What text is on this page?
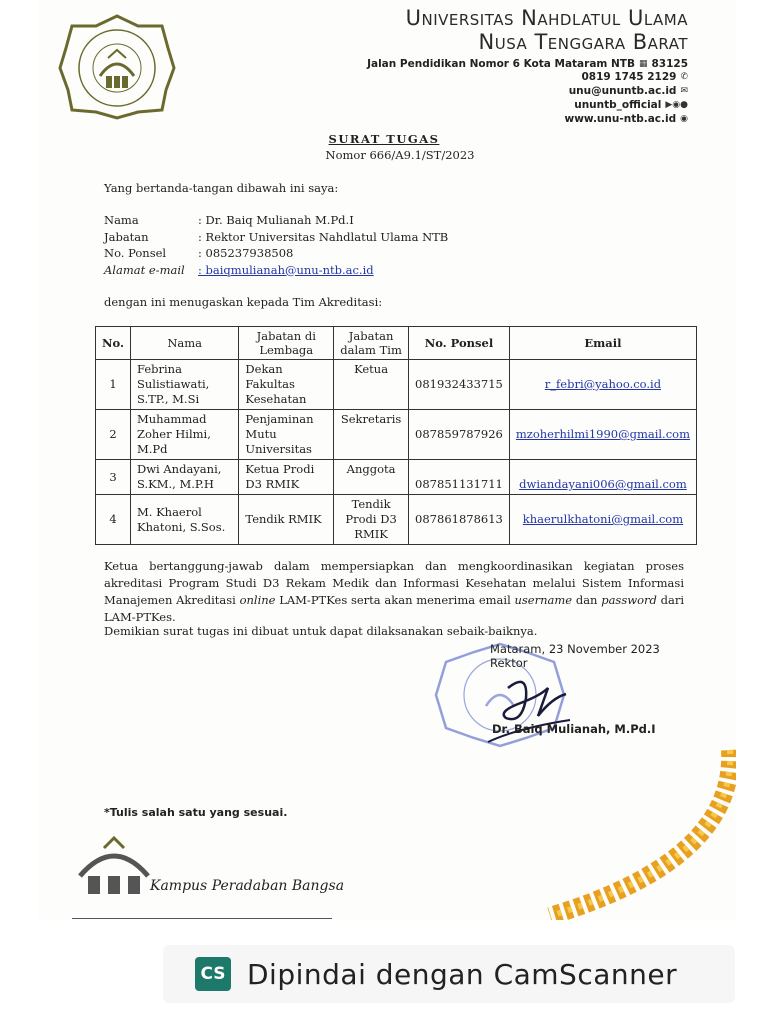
Universitas Nahdlatul Ulama
Nusa Tenggara Barat
Jalan Pendidikan Nomor 6 Kota Mataram NTB ▦ 83125
0819 1745 2129 ✆
unu@ununtb.ac.id ✉
ununtb_official ▶◉●
www.unu-ntb.ac.id ◉
SURAT TUGAS
Nomor 666/A9.1/ST/2023
Yang bertanda-tangan dibawah ini saya:
Nama	: Dr. Baiq Mulianah M.Pd.I
Jabatan	: Rektor Universitas Nahdlatul Ulama NTB
No. Ponsel	: 085237938508
Alamat e-mail	: baiqmulianah@unu-ntb.ac.id
dengan ini menugaskan kepada Tim Akreditasi:
No.	Nama	Jabatan di Lembaga	Jabatan dalam Tim	No. Ponsel	Email
1	Febrina Sulistiawati, S.TP., M.Si	Dekan Fakultas Kesehatan	Ketua	081932433715	r_febri@yahoo.co.id
2	Muhammad Zoher Hilmi, M.Pd	Penjaminan Mutu Universitas	Sekretaris	087859787926	mzoherhilmi1990@gmail.com
3	Dwi Andayani, S.KM., M.P.H	Ketua Prodi D3 RMIK	Anggota	087851131711	dwiandayani006@gmail.com
4	M. Khaerol Khatoni, S.Sos.	Tendik RMIK	Tendik Prodi D3 RMIK	087861878613	khaerulkhatoni@gmail.com
Ketua bertanggung-jawab dalam mempersiapkan dan mengkoordinasikan kegiatan proses akreditasi Program Studi D3 Rekam Medik dan Informasi Kesehatan melalui Sistem Informasi Manajemen Akreditasi online LAM-PTKes serta akan menerima email username dan password dari LAM-PTKes.
Demikian surat tugas ini dibuat untuk dapat dilaksanakan sebaik-baiknya.
Mataram, 23 November 2023
Rektor
Dr. Baiq Mulianah, M.Pd.I
*Tulis salah satu yang sesuai.
Kampus Peradaban Bangsa
CS Dipindai dengan CamScanner
